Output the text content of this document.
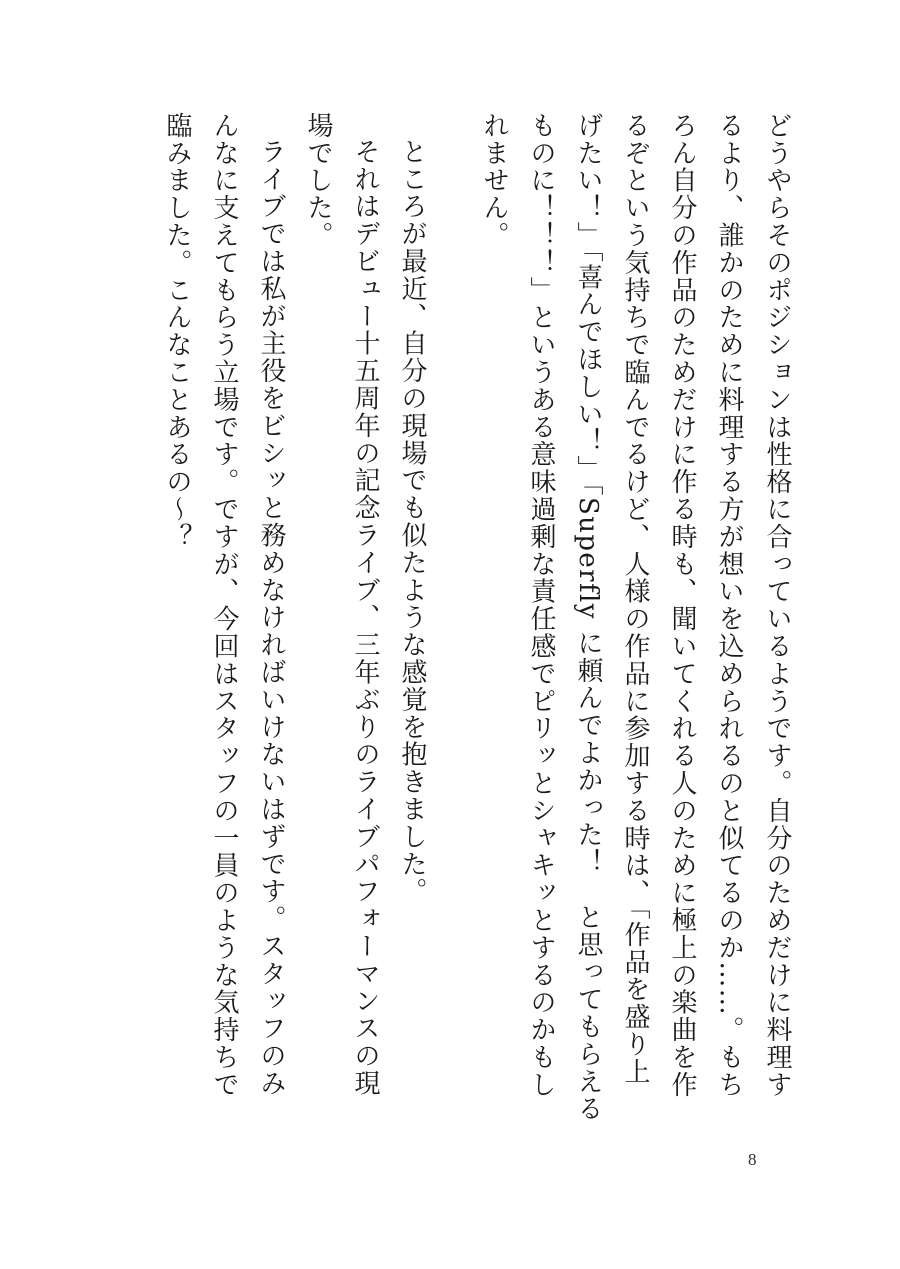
どうやらそのポジションは性格に合っているようです。自分のためだけに料理す
るより、誰かのために料理する方が想いを込められるのと似てるのか……。もち
ろん自分の作品のためだけに作る時も、聞いてくれる人のために極上の楽曲を作
るぞという気持ちで臨んでるけど、人様の作品に参加する時は、「作品を盛り上
げたい！」「喜んでほしい！」「Superfly に頼んでよかった！　と思ってもらえる
ものに！！！」というある意味過剰な責任感でピリッとシャキッとするのかもし
れません。
ところが最近、自分の現場でも似たような感覚を抱きました。
それはデビュー十五周年の記念ライブ、三年ぶりのライブパフォーマンスの現
場でした。
ライブでは私が主役をビシッと務めなければいけないはずです。スタッフのみ
んなに支えてもらう立場です。ですが、今回はスタッフの一員のような気持ちで
臨みました。こんなことあるの〜？
8
